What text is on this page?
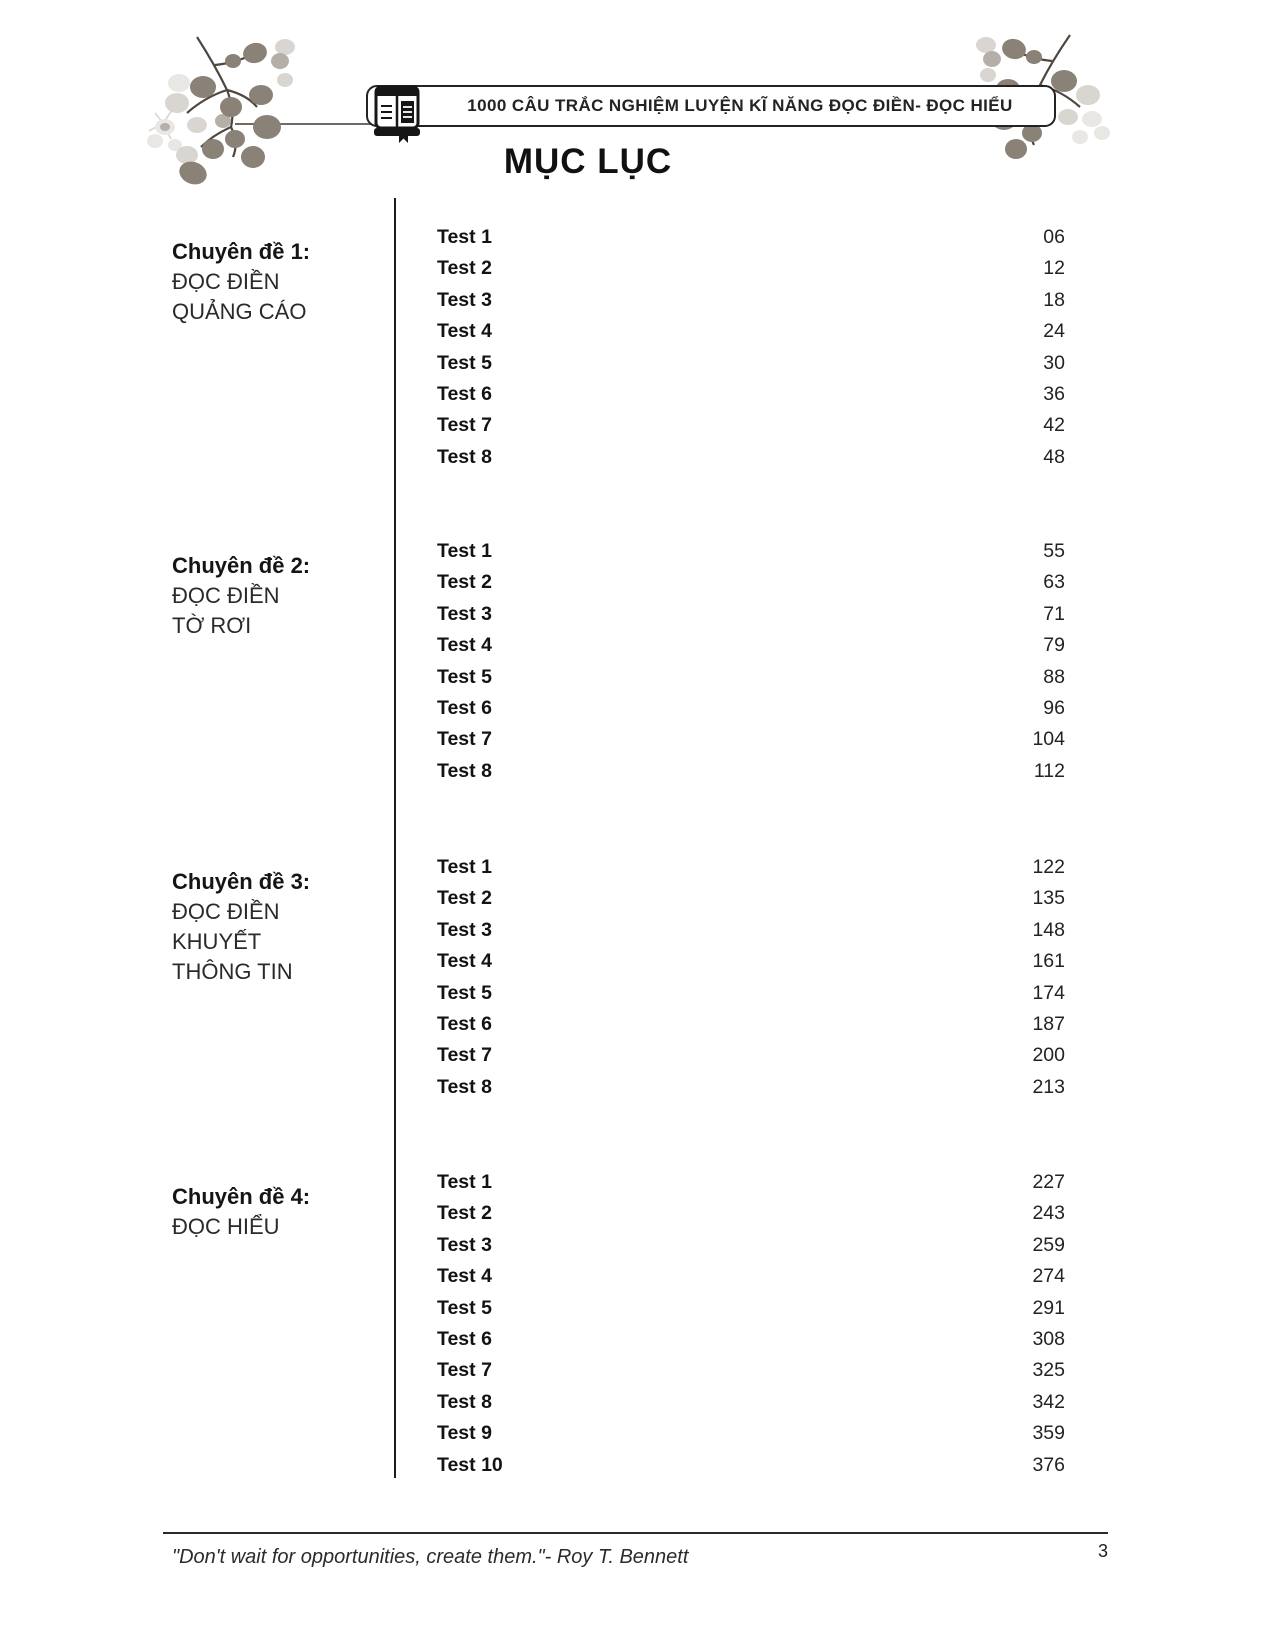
1000 CÂU TRẮC NGHIỆM LUYỆN KĨ NĂNG ĐỌC ĐIỀN- ĐỌC HIỂU
MỤC LỤC
Chuyên đề 1:
ĐỌC ĐIỀN
QUẢNG CÁO
Test 1	06
Test 2	12
Test 3	18
Test 4	24
Test 5	30
Test 6	36
Test 7	42
Test 8	48
Chuyên đề 2:
ĐỌC ĐIỀN
TỜ RƠI
Test 1	55
Test 2	63
Test 3	71
Test 4	79
Test 5	88
Test 6	96
Test 7	104
Test 8	112
Chuyên đề 3:
ĐỌC ĐIỀN
KHUYẾT
THÔNG TIN
Test 1	122
Test 2	135
Test 3	148
Test 4	161
Test 5	174
Test 6	187
Test 7	200
Test 8	213
Chuyên đề 4:
ĐỌC HIỂU
Test 1	227
Test 2	243
Test 3	259
Test 4	274
Test 5	291
Test 6	308
Test 7	325
Test 8	342
Test 9	359
Test 10	376
"Don't wait for opportunities, create them."- Roy T. Bennett	3
